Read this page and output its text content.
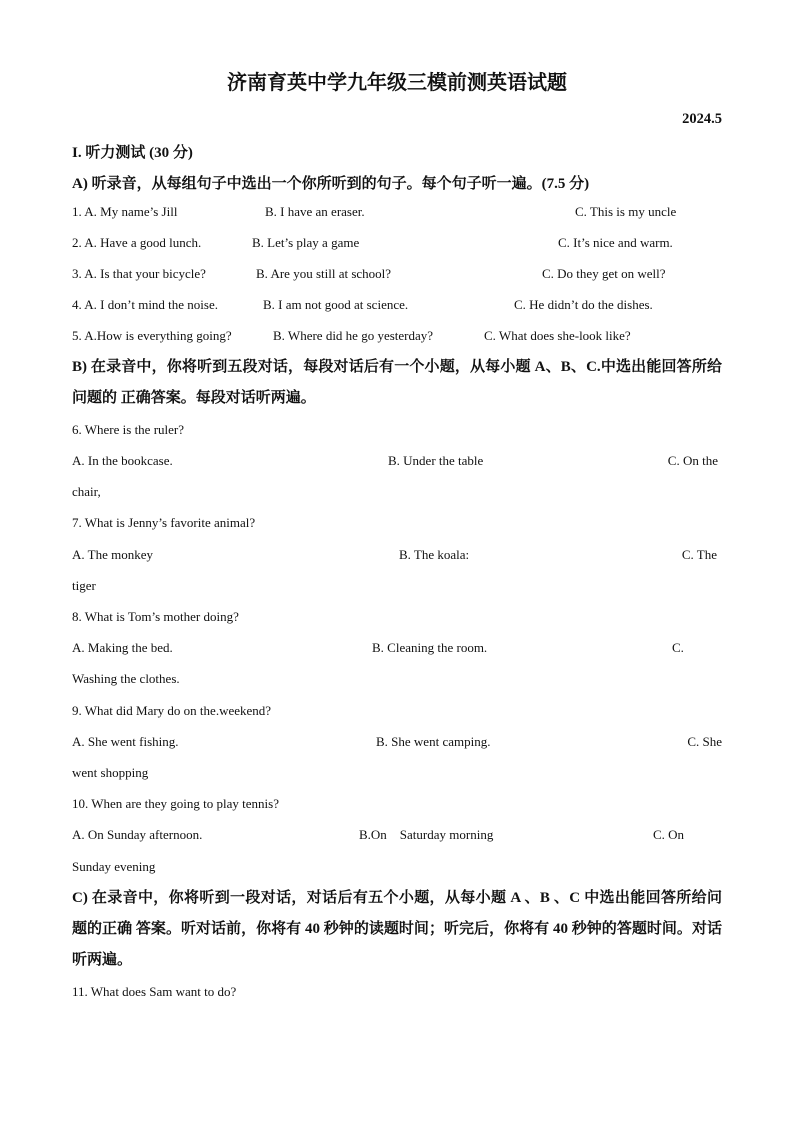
济南育英中学九年级三模前测英语试题
2024.5
I. 听力测试 (30 分)
A) 听录音，从每组句子中选出一个你所听到的句子。每个句子听一遍。(7.5 分)
1. A. My name’s Jill	B. I have an eraser.	C. This is my uncle
2. A. Have a good lunch.	B. Let’s play a game	C. It’s nice and warm.
3. A. Is that your bicycle?	B. Are you still at school?	C. Do they get on well?
4. A. I don’t mind the noise.	B. I am not good at science.	C. He didn’t do the dishes.
5. A.How is everything going?	B. Where did he go yesterday?	C. What does she-look like?
B) 在录音中，你将听到五段对话，每段对话后有一个小题，从每小题 A、B、C.中选出能回答所给问题的 正确答案。每段对话听两遍。
6. Where is the ruler?
A. In the bookcase.	B. Under the table	C. On the
chair,
7. What is Jenny’s favorite animal?
A. The monkey	B. The koala:	C. The
tiger
8. What is Tom’s mother doing?
A. Making the bed.	B. Cleaning the room.	C.
Washing the clothes.
9. What did Mary do on the.weekend?
A. She went fishing.	B. She went camping.	C. She
went shopping
10. When are they going to play tennis?
A. On Sunday afternoon.	B.On    Saturday morning	C. On
Sunday evening
C) 在录音中，你将听到一段对话，对话后有五个小题，从每小题 A 、B 、C 中选出能回答所给问题的正确 答案。听对话前，你将有 40 秒钟的读题时间；听完后，你将有 40 秒钟的答题时间。对话听两遍。
11. What does Sam want to do?
